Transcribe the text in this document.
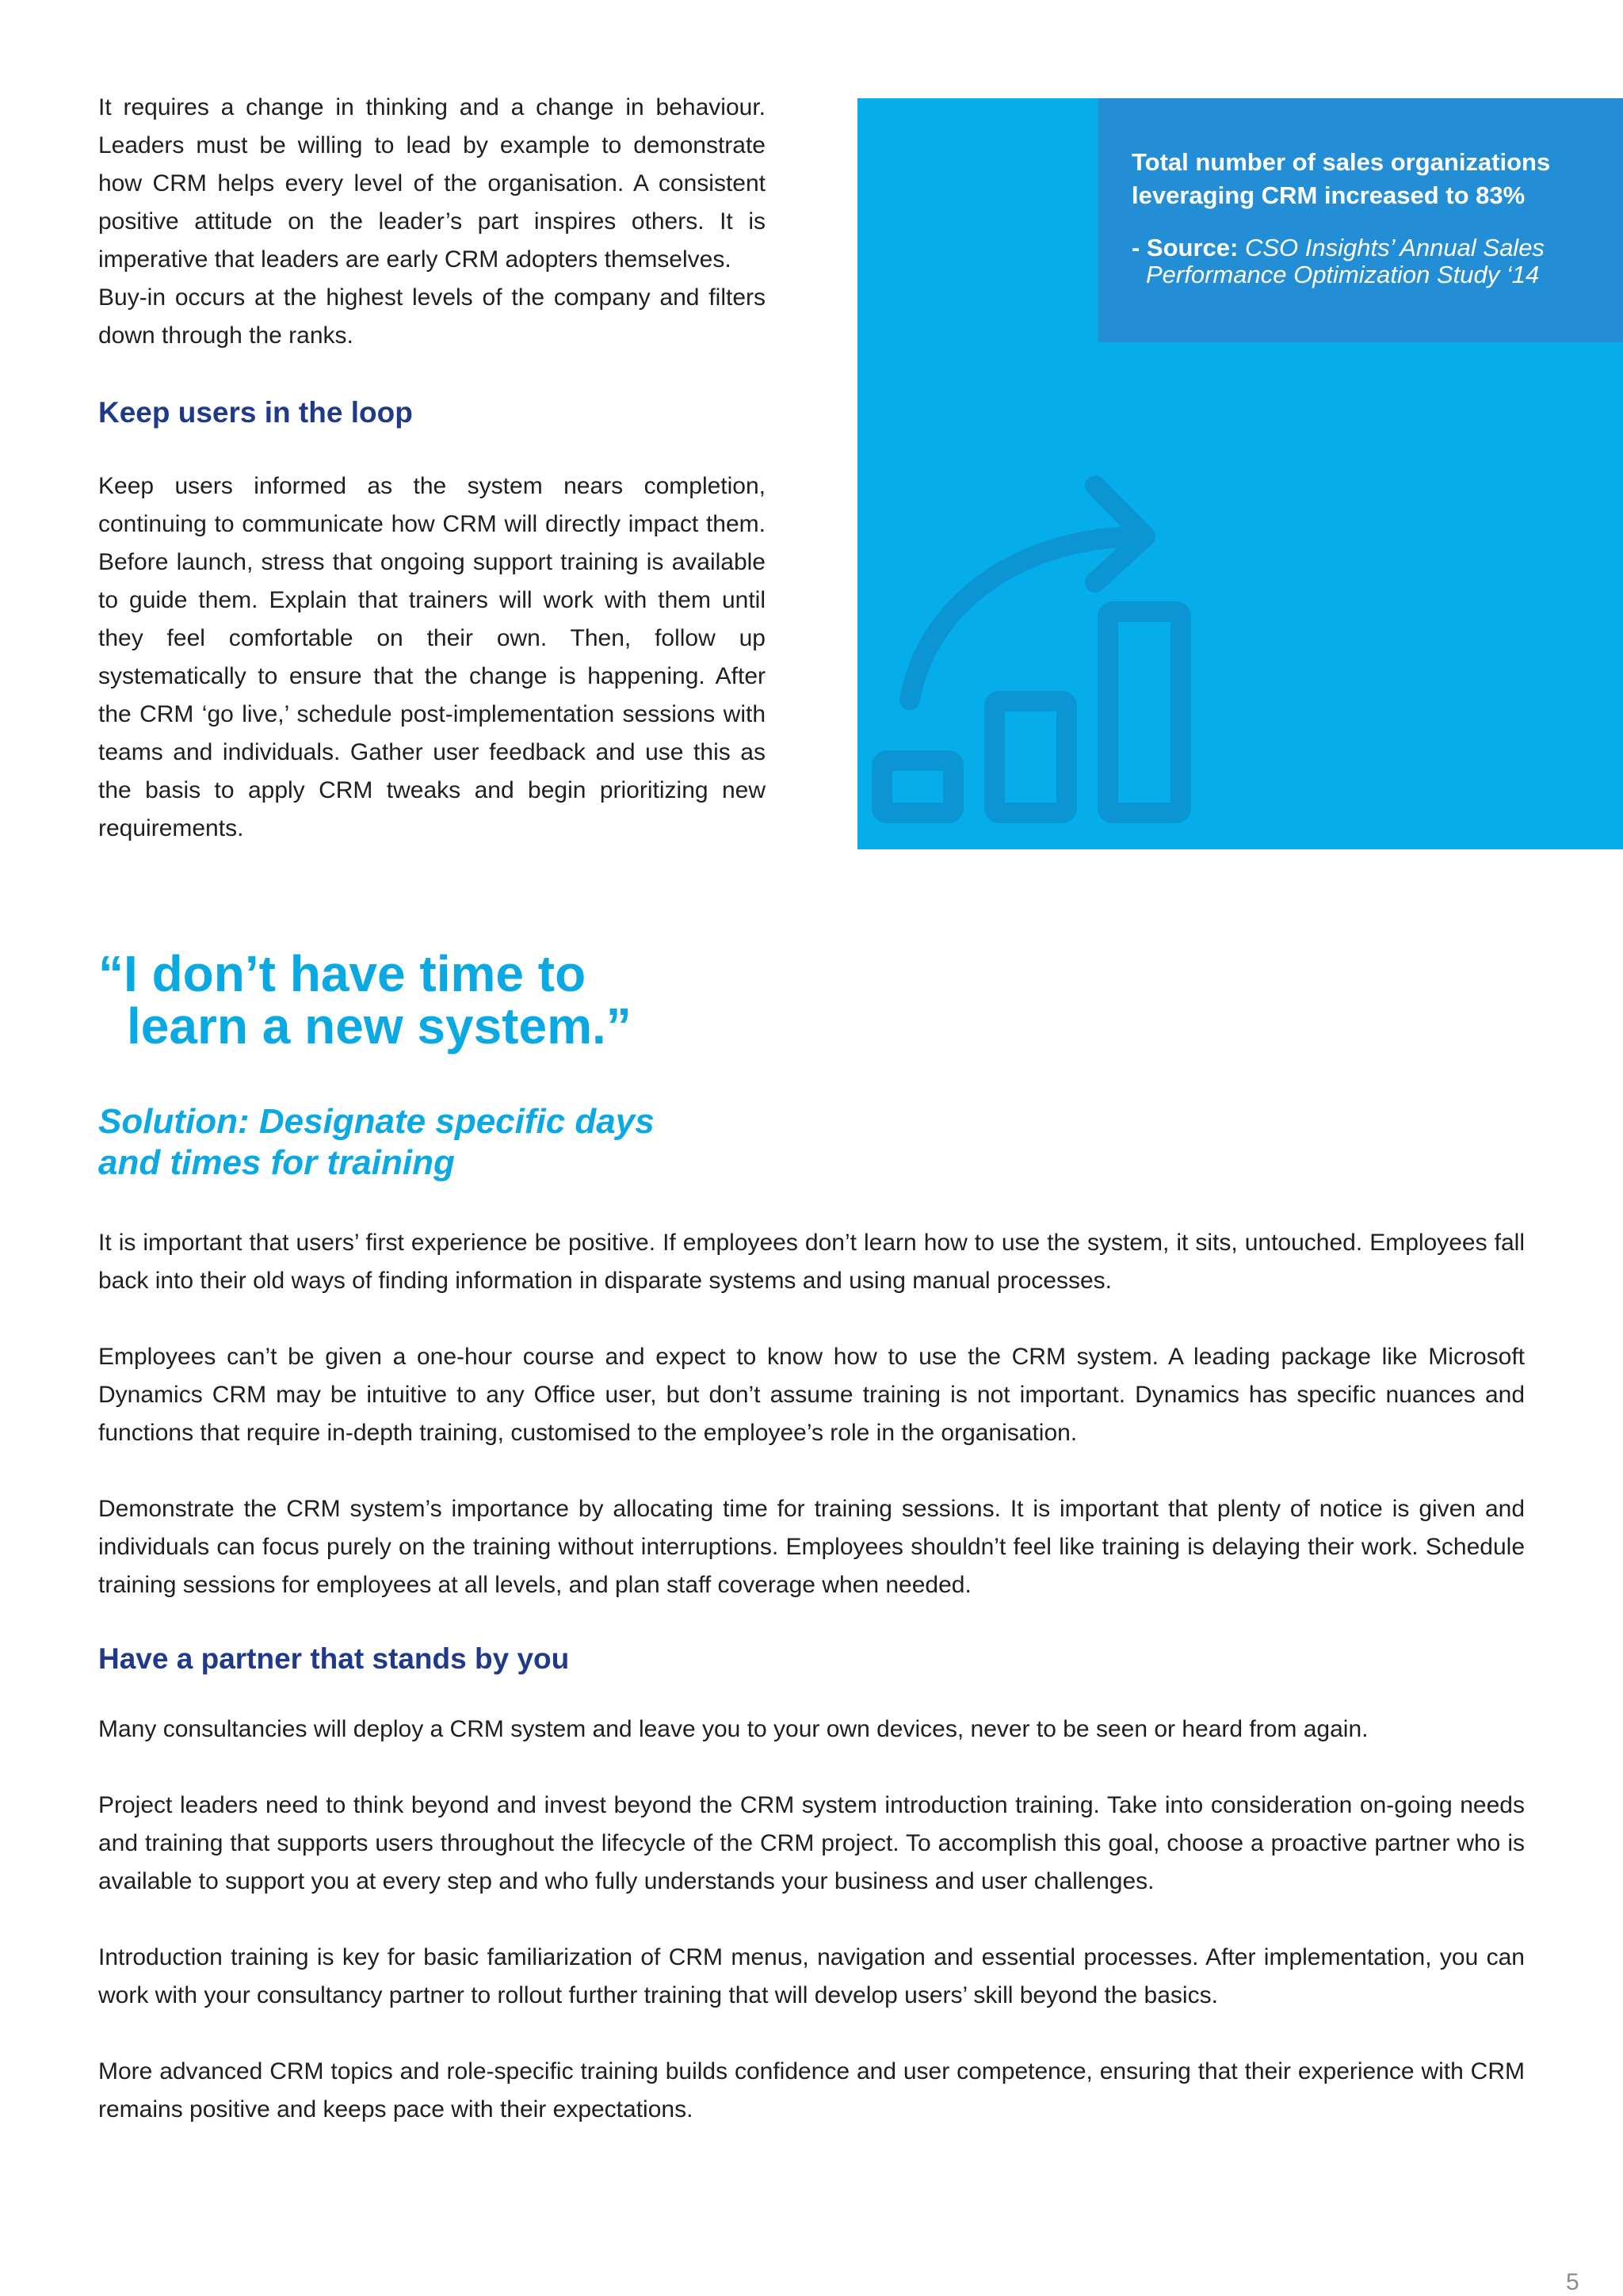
It requires a change in thinking and a change in behaviour. Leaders must be willing to lead by example to demonstrate how CRM helps every level of the organisation. A consistent positive attitude on the leader’s part inspires others. It is imperative that leaders are early CRM adopters themselves.

Buy-in occurs at the highest levels of the company and filters down through the ranks.

Keep users in the loop

Keep users informed as the system nears completion, continuing to communicate how CRM will directly impact them. Before launch, stress that ongoing support training is available to guide them. Explain that trainers will work with them until they feel comfortable on their own. Then, follow up systematically to ensure that the change is happening. After the CRM ‘go live,’ schedule post-implementation sessions with teams and individuals. Gather user feedback and use this as the basis to apply CRM tweaks and begin prioritizing new requirements.

Total number of sales organizations leveraging CRM increased to 83%

- Source: CSO Insights’ Annual Sales
Performance Optimization Study ‘14

“I don’t have time to
learn a new system.”
Solution: Designate specific days
and times for training

It is important that users’ first experience be positive. If employees don’t learn how to use the system, it sits, untouched. Employees fall back into their old ways of finding information in disparate systems and using manual processes.

Employees can’t be given a one-hour course and expect to know how to use the CRM system. A leading package like Microsoft Dynamics CRM may be intuitive to any Office user, but don’t assume training is not important. Dynamics has specific nuances and functions that require in-depth training, customised to the employee’s role in the organisation.

Demonstrate the CRM system’s importance by allocating time for training sessions. It is important that plenty of notice is given and individuals can focus purely on the training without interruptions. Employees shouldn’t feel like training is delaying their work. Schedule training sessions for employees at all levels, and plan staff coverage when needed.

Have a partner that stands by you

Many consultancies will deploy a CRM system and leave you to your own devices, never to be seen or heard from again.

Project leaders need to think beyond and invest beyond the CRM system introduction training. Take into consideration on-going needs and training that supports users throughout the lifecycle of the CRM project. To accomplish this goal, choose a proactive partner who is available to support you at every step and who fully understands your business and user challenges.

Introduction training is key for basic familiarization of CRM menus, navigation and essential processes. After implementation, you can work with your consultancy partner to rollout further training that will develop users’ skill beyond the basics.

More advanced CRM topics and role-specific training builds confidence and user competence, ensuring that their experience with CRM remains positive and keeps pace with their expectations.

5
